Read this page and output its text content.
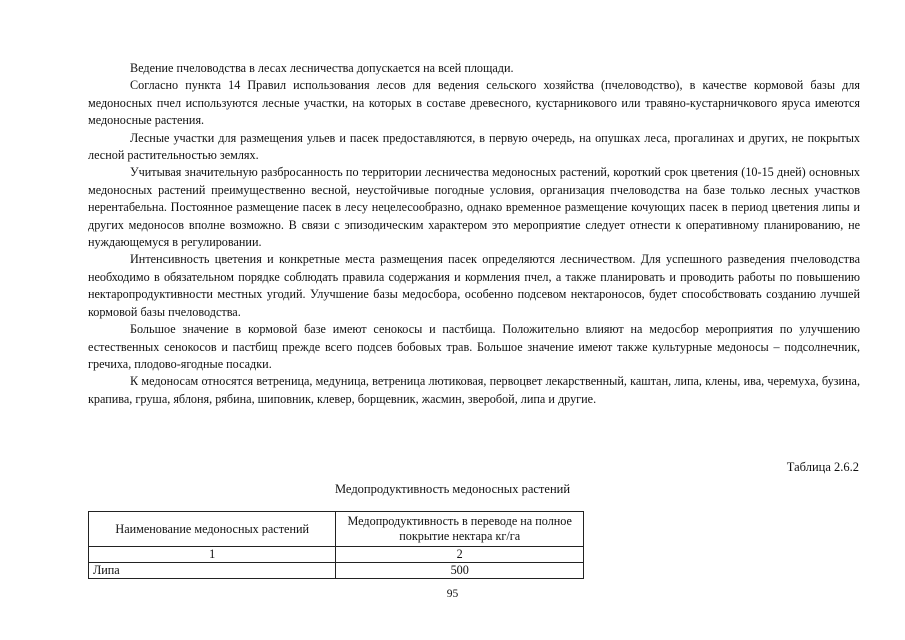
Ведение пчеловодства в лесах лесничества допускается на всей площади.

Согласно пункта 14 Правил использования лесов для ведения сельского хозяйства (пчеловодство), в качестве кормовой базы для медоносных пчел используются лесные участки, на которых в составе древесного, кустарникового или травяно-кустарничкового яруса имеются медоносные растения.

Лесные участки для размещения ульев и пасек предоставляются, в первую очередь, на опушках леса, прогалинах и других, не покрытых лесной растительностью землях.

Учитывая значительную разбросанность по территории лесничества медоносных растений, короткий срок цветения (10-15 дней) основных медоносных растений преимущественно весной, неустойчивые погодные условия, организация пчеловодства на базе только лесных участков нерентабельна. Постоянное размещение пасек в лесу нецелесообразно, однако временное размещение кочующих пасек в период цветения липы и других медоносов вполне возможно. В связи с эпизодическим характером это мероприятие следует отнести к оперативному планированию, не нуждающемуся в регулировании.

Интенсивность цветения и конкретные места размещения пасек определяются лесничеством. Для успешного разведения пчеловодства необходимо в обязательном порядке соблюдать правила содержания и кормления пчел, а также планировать и проводить работы по повышению нектаропродуктивности местных угодий. Улучшение базы медосбора, особенно подсевом нектароносов, будет способствовать созданию лучшей кормовой базы пчеловодства.

Большое значение в кормовой базе имеют сенокосы и пастбища. Положительно влияют на медосбор мероприятия по улучшению естественных сенокосов и пастбищ прежде всего подсев бобовых трав. Большое значение имеют также культурные медоносы – подсолнечник, гречиха, плодово-ягодные посадки.

К медоносам относятся ветреница, медуница, ветреница лютиковая, первоцвет лекарственный, каштан, липа, клены, ива, черемуха, бузина, крапива, груша, яблоня, рябина, шиповник, клевер, борщевник, жасмин, зверобой, липа и другие.

Таблица 2.6.2
Медопродуктивность медоносных растений
Наименование медоносных растений	Медопродуктивность в переводе на полное покрытие нектара кг/га
1	2
Липа	500
95
